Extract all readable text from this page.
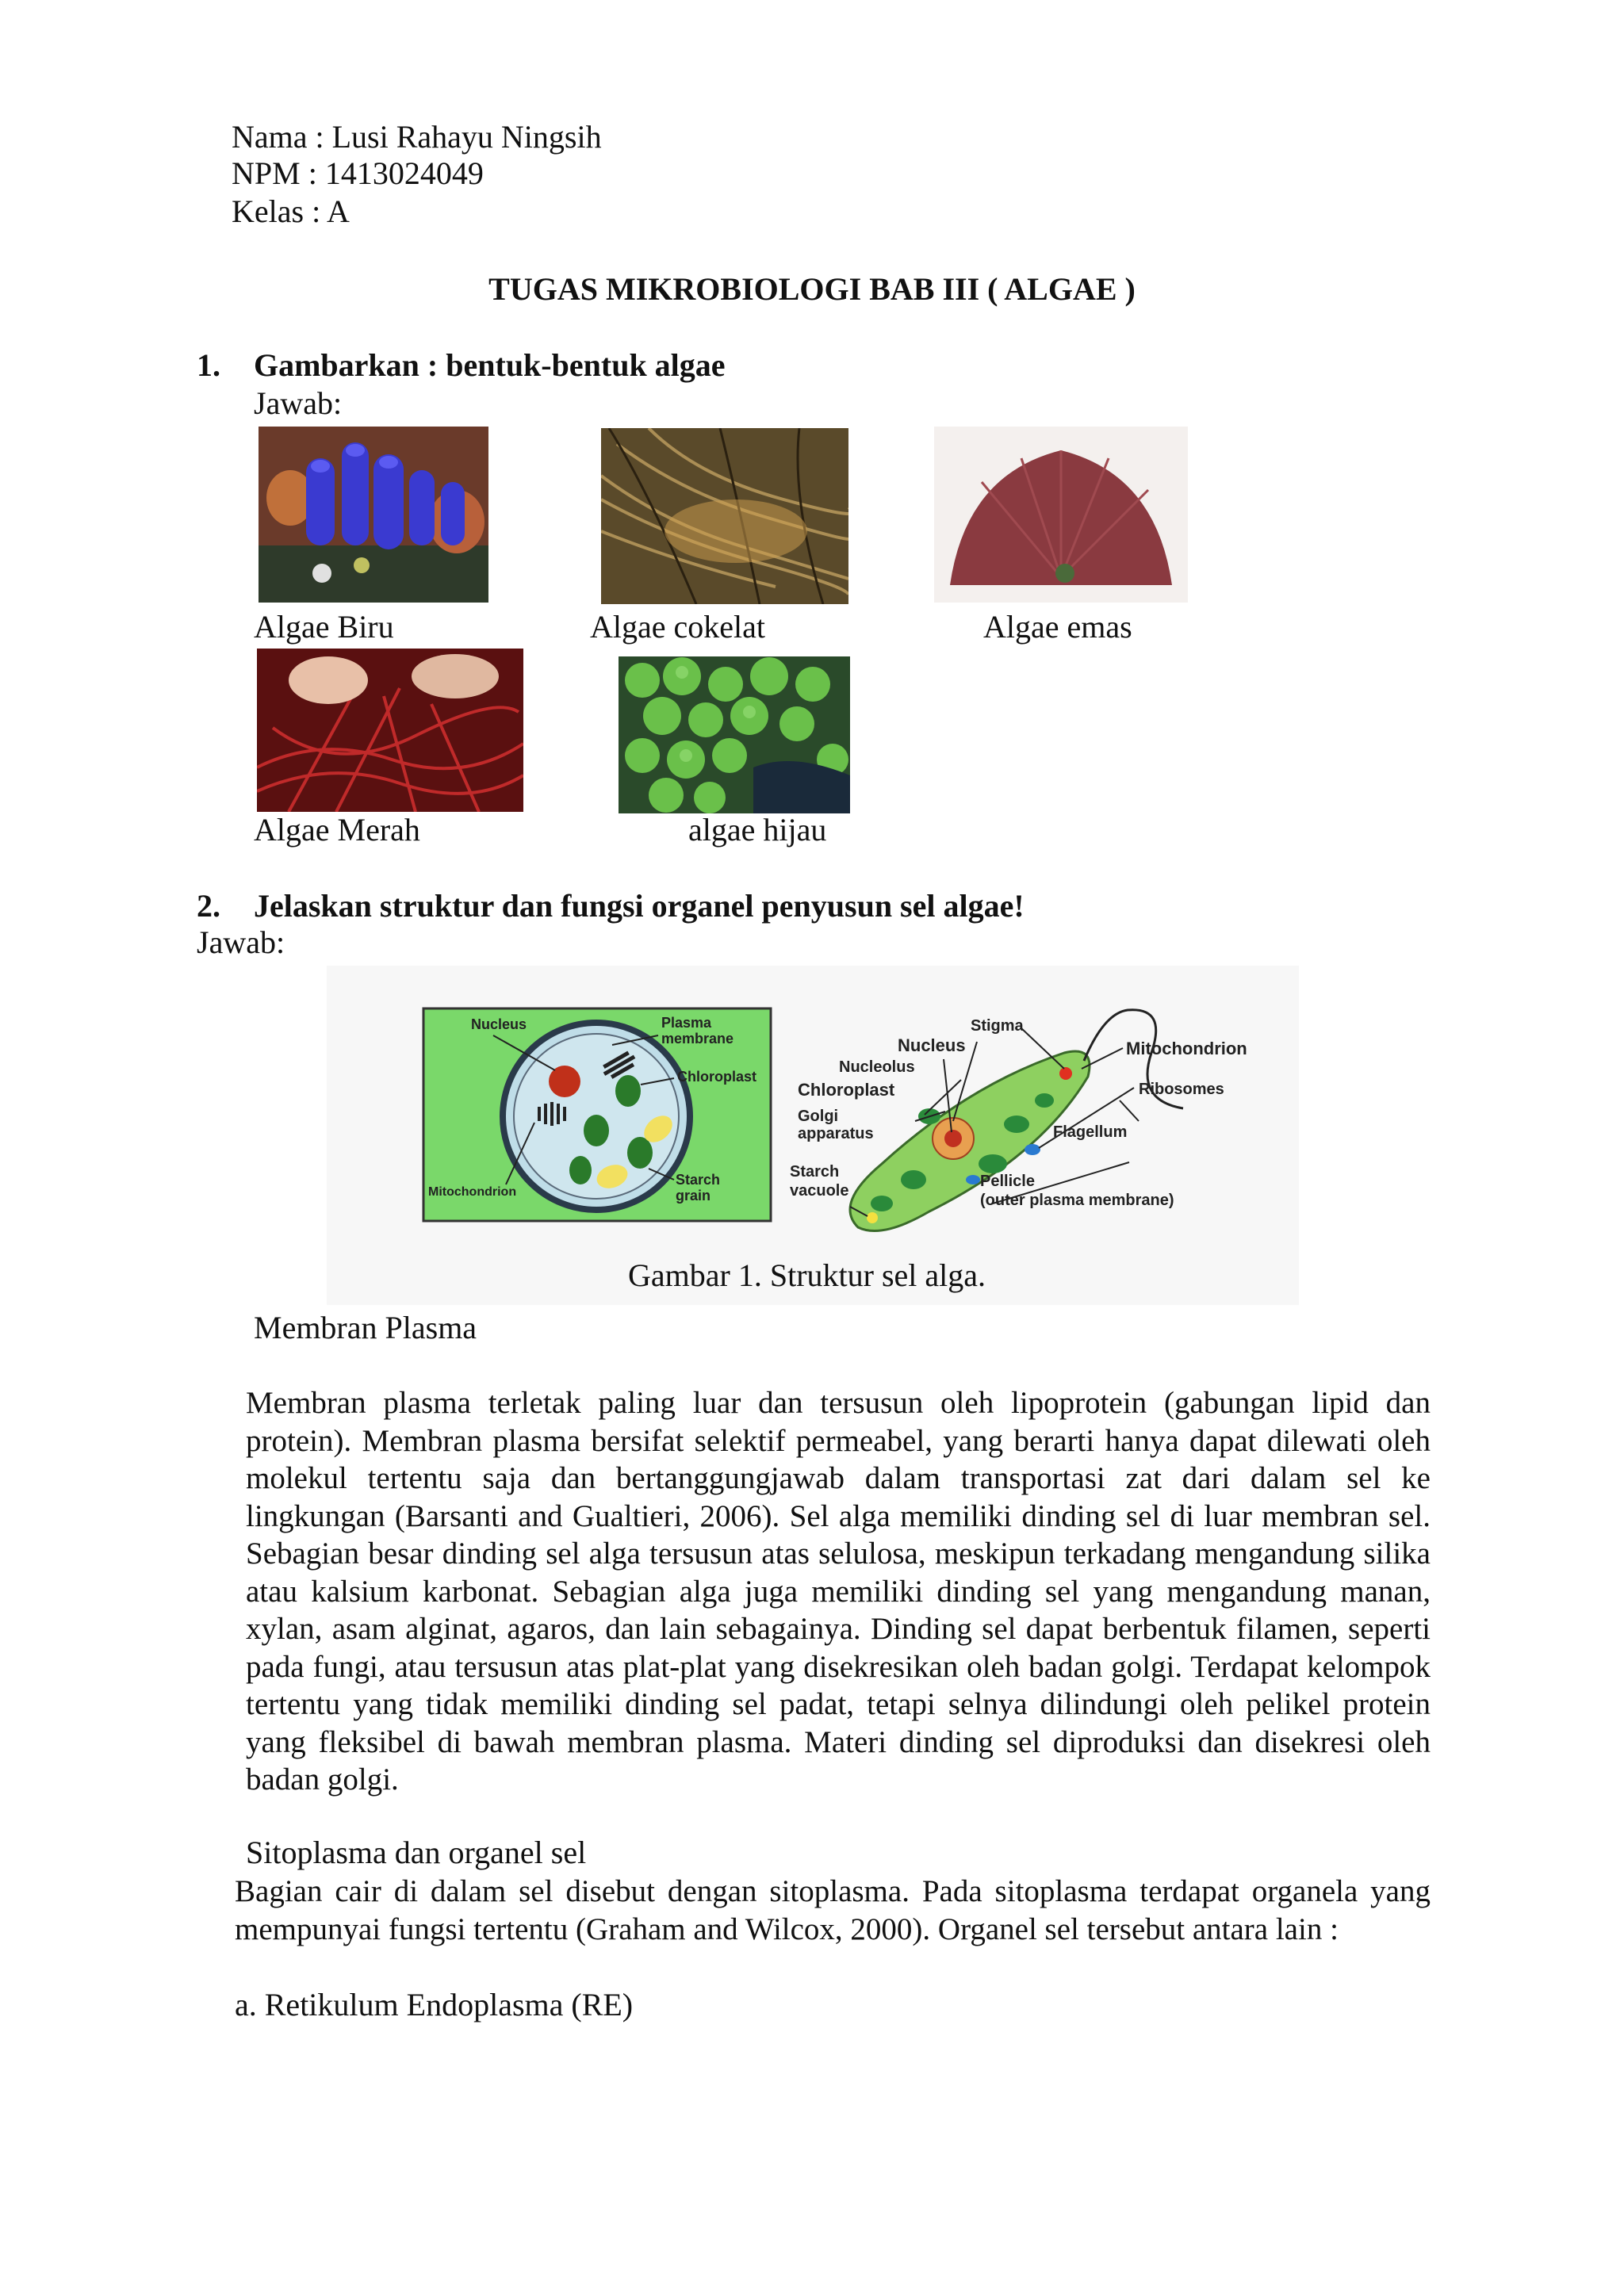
Nama : Lusi Rahayu Ningsih
NPM : 1413024049
Kelas : A
TUGAS MIKROBIOLOGI BAB III ( ALGAE )
1. Gambarkan : bentuk-bentuk algae
Jawab:
Algae Biru	Algae cokelat	Algae emas
Algae Merah	algae hijau
2. Jelaskan struktur dan fungsi organel penyusun sel algae!
Jawab:
Nucleus	Plasma
membrane
Chloroplast
Mitochondrion
Starch
grain
Stigma
Nucleus
Nucleolus
Chloroplast
Golgi
apparatus
Starch
vacuole
Mitochondrion
Ribosomes
Flagellum
Pellicle
(outer plasma membrane)
Gambar 1. Struktur sel alga.
Membran Plasma
Membran plasma terletak paling luar dan tersusun oleh lipoprotein (gabungan lipid dan protein). Membran plasma bersifat selektif permeabel, yang berarti hanya dapat dilewati oleh molekul tertentu saja dan bertanggungjawab dalam transportasi zat dari dalam sel ke lingkungan (Barsanti and Gualtieri, 2006). Sel alga memiliki dinding sel di luar membran sel. Sebagian besar dinding sel alga tersusun atas selulosa, meskipun terkadang mengandung silika atau kalsium karbonat. Sebagian alga juga memiliki dinding sel yang mengandung manan, xylan, asam alginat, agaros, dan lain sebagainya. Dinding sel dapat berbentuk filamen, seperti pada fungi, atau tersusun atas plat-plat yang disekresikan oleh badan golgi. Terdapat kelompok tertentu yang tidak memiliki dinding sel padat, tetapi selnya dilindungi oleh pelikel protein yang fleksibel di bawah membran plasma. Materi dinding sel diproduksi dan disekresi oleh badan golgi.
Sitoplasma dan organel sel
Bagian cair di dalam sel disebut dengan sitoplasma. Pada sitoplasma terdapat organela yang mempunyai fungsi tertentu (Graham and Wilcox, 2000). Organel sel tersebut antara lain :
a. Retikulum Endoplasma (RE)
